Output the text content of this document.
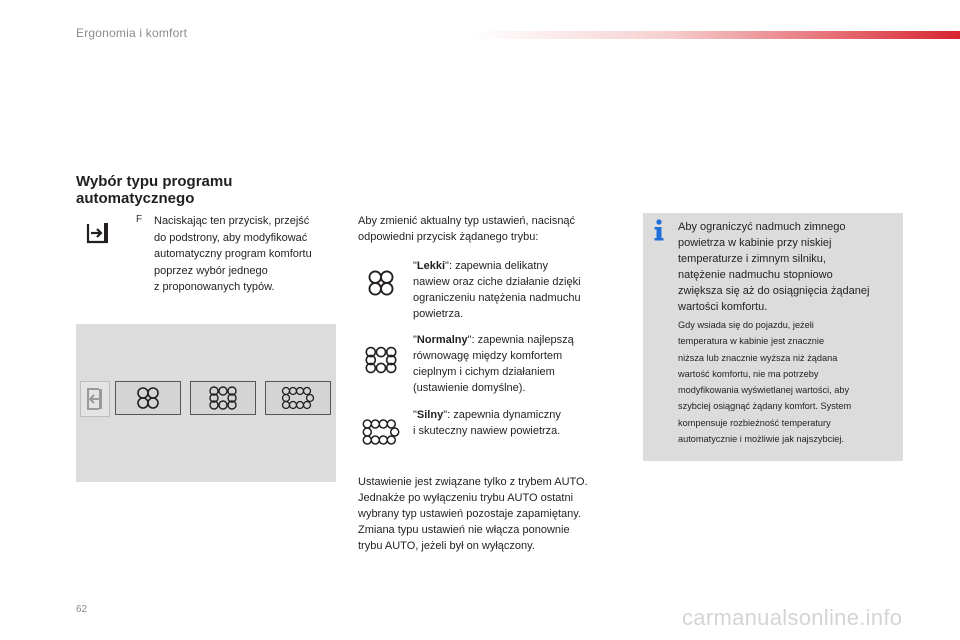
Ergonomia i komfort
Wybór typu programu
automatycznego
F Naciskając ten przycisk, przejść
do podstrony, aby modyfikować
automatyczny program komfortu
poprzez wybór jednego
z proponowanych typów.
Aby zmienić aktualny typ ustawień, nacisnąć
odpowiedni przycisk żądanego trybu:
"Lekki": zapewnia delikatny
nawiew oraz ciche działanie dzięki
ograniczeniu natężenia nadmuchu
powietrza.
"Normalny": zapewnia najlepszą
równowagę między komfortem
cieplnym i cichym działaniem
(ustawienie domyślne).
"Silny": zapewnia dynamiczny
i skuteczny nawiew powietrza.
Ustawienie jest związane tylko z trybem AUTO.
Jednakże po wyłączeniu trybu AUTO ostatni
wybrany typ ustawień pozostaje zapamiętany.
Zmiana typu ustawień nie włącza ponownie
trybu AUTO, jeżeli był on wyłączony.
Aby ograniczyć nadmuch zimnego
powietrza w kabinie przy niskiej
temperaturze i zimnym silniku,
natężenie nadmuchu stopniowo
zwiększa się aż do osiągnięcia żądanej
wartości komfortu.
Gdy wsiada się do pojazdu, jeżeli
temperatura w kabinie jest znacznie
niższa lub znacznie wyższa niż żądana
wartość komfortu, nie ma potrzeby
modyfikowania wyświetlanej wartości, aby
szybciej osiągnąć żądany komfort. System
kompensuje rozbieżność temperatury
automatycznie i możliwie jak najszybciej.
62	carmanualsonline.info
